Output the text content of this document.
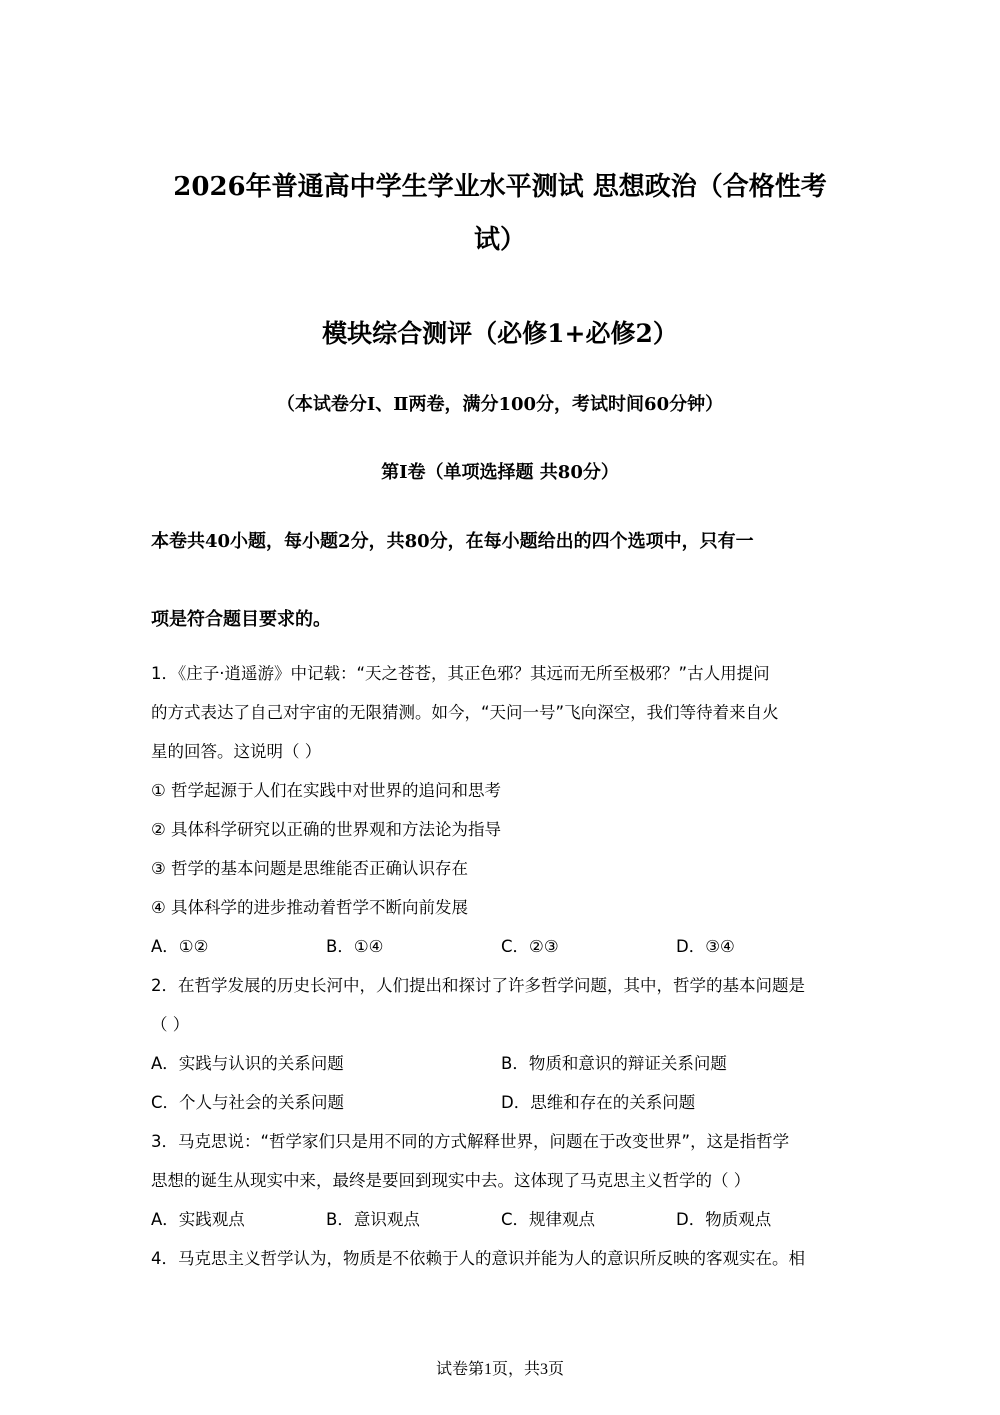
2026年普通高中学生学业水平测试 思想政治（合格性考
试）
模块综合测评（必修1+必修2）
（本试卷分Ⅰ、Ⅱ两卷，满分100分，考试时间60分钟）
第Ⅰ卷（单项选择题 共80分）
本卷共40小题，每小题2分，共80分，在每小题给出的四个选项中，只有一
项是符合题目要求的。
1．《庄子·逍遥游》中记载：“天之苍苍，其正色邪？其远而无所至极邪？”古人用提问
的方式表达了自己对宇宙的无限猜测。如今，“天问一号”飞向深空，我们等待着来自火
星的回答。这说明（ ）
① 哲学起源于人们在实践中对世界的追问和思考
② 具体科学研究以正确的世界观和方法论为指导
③ 哲学的基本问题是思维能否正确认识存在
④ 具体科学的进步推动着哲学不断向前发展
A．①②	B．①④	C．②③	D．③④
2．在哲学发展的历史长河中，人们提出和探讨了许多哲学问题，其中，哲学的基本问题是
（ ）
A．实践与认识的关系问题	B．物质和意识的辩证关系问题
C．个人与社会的关系问题	D．思维和存在的关系问题
3．马克思说：“哲学家们只是用不同的方式解释世界，问题在于改变世界”，这是指哲学
思想的诞生从现实中来，最终是要回到现实中去。这体现了马克思主义哲学的（ ）
A．实践观点	B．意识观点	C．规律观点	D．物质观点
4．马克思主义哲学认为，物质是不依赖于人的意识并能为人的意识所反映的客观实在。相
试卷第1页，共3页
